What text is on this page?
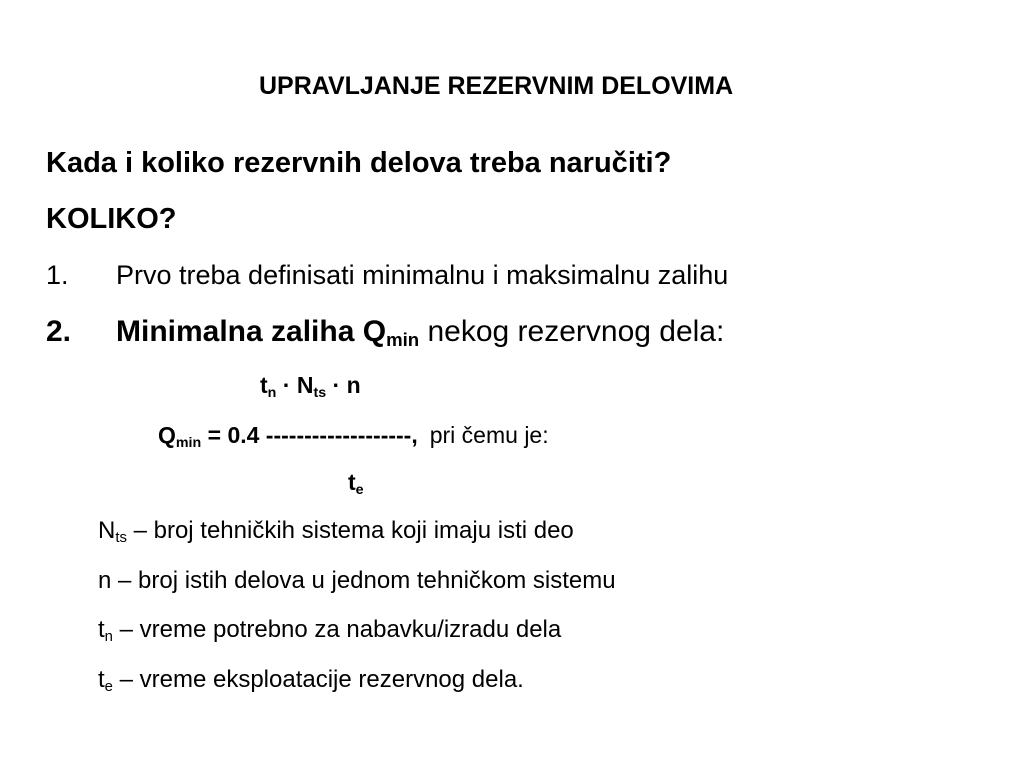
UPRAVLJANJE REZERVNIM DELOVIMA
Kada i koliko rezervnih delova treba naručiti?
KOLIKO?
1. Prvo treba definisati minimalnu i maksimalnu zalihu
2. Minimalna zaliha $Q_{min}$ nekog rezervnog dela:
$t_n \cdot N_{ts} \cdot n$
$Q_{min} = 0.4$ -------------------, pri čemu je:
$t_e$
$N_{ts}$ – broj tehničkih sistema koji imaju isti deo
n – broj istih delova u jednom tehničkom sistemu
$t_n$ – vreme potrebno za nabavku/izradu dela
$t_e$ – vreme eksploatacije rezervnog dela.
